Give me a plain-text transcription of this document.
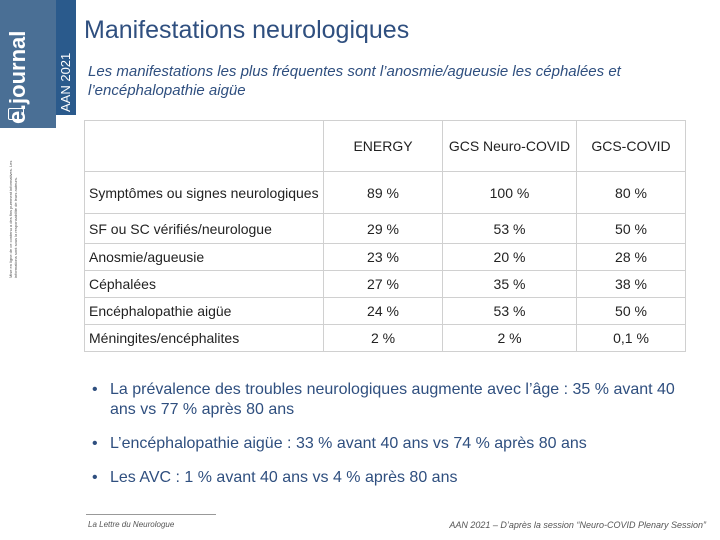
e.journal AAN 2021
Mise en ligne de ce contenu a des fins purement informatives. Les informations sont sous la responsabilite de leurs auteurs.
Manifestations neurologiques
Les manifestations les plus fréquentes sont l’anosmie/agueusie les céphalées et l’encéphalopathie aigüe
	ENERGY	GCS Neuro-COVID	GCS-COVID
Symptômes ou signes neurologiques	89 %	100 %	80 %
SF ou SC vérifiés/neurologue	29 %	53 %	50 %
Anosmie/agueusie	23 %	20 %	28 %
Céphalées	27 %	35 %	38 %
Encéphalopathie aigüe	24 %	53 %	50 %
Méningites/encéphalites	2 %	2 %	0,1 %
• La prévalence des troubles neurologiques augmente avec l’âge : 35 % avant 40 ans vs 77 % après 80 ans
• L’encéphalopathie aigüe : 33 % avant 40 ans vs 74 % après 80 ans
• Les AVC : 1 % avant 40 ans vs 4 % après 80 ans
La Lettre du Neurologue	AAN 2021 – D’après la session “Neuro-COVID Plenary Session”
